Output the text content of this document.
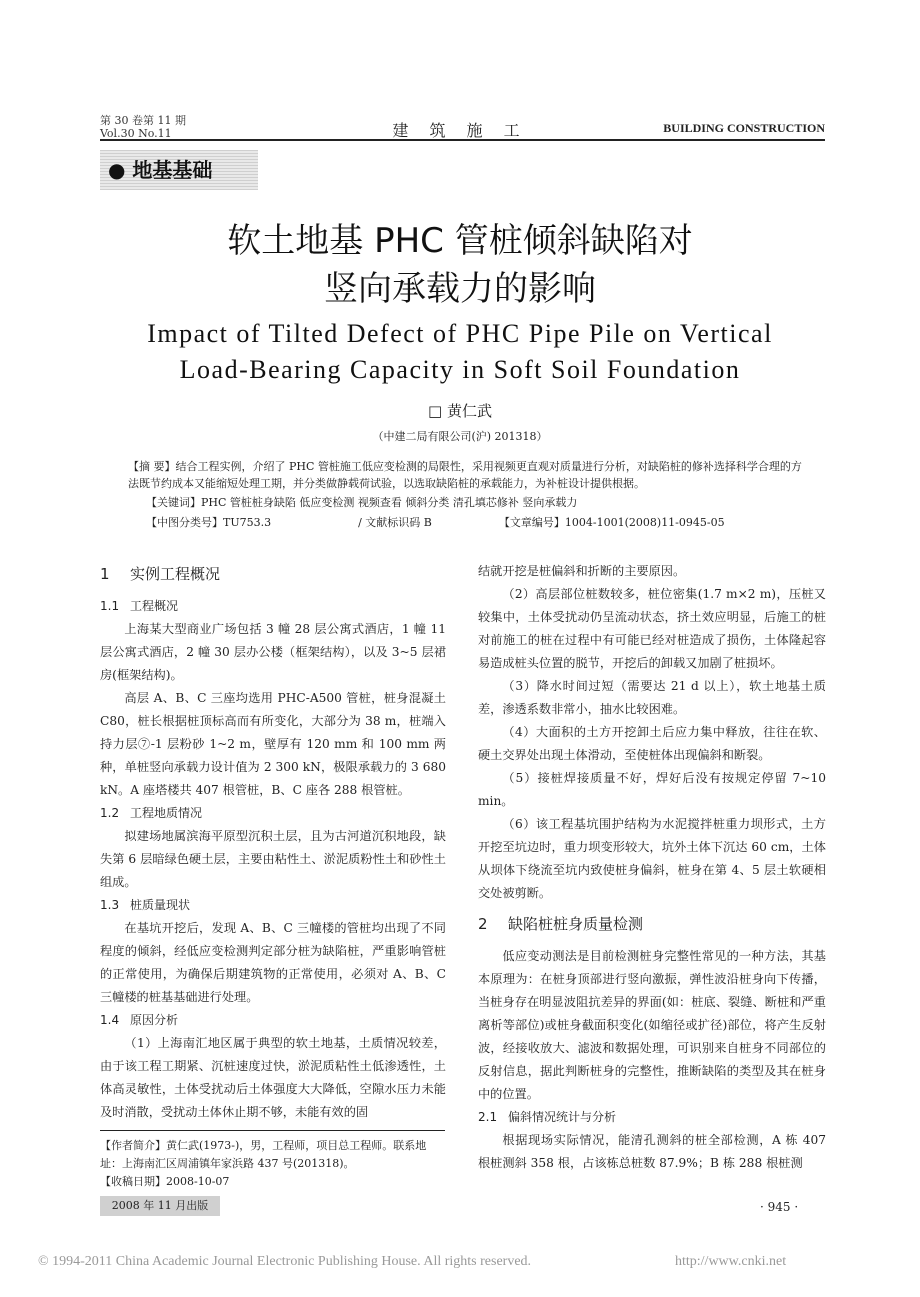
第 30 卷第 11 期
Vol.30 No.11	建 筑 施 工	BUILDING CONSTRUCTION
● 地基基础
软土地基 PHC 管桩倾斜缺陷对
竖向承载力的影响
Impact of Tilted Defect of PHC Pipe Pile on Vertical
Load-Bearing Capacity in Soft Soil Foundation
□ 黄仁武
（中建二局有限公司(沪) 201318）
【摘 要】结合工程实例，介绍了 PHC 管桩施工低应变检测的局限性，采用视频更直观对质量进行分析，对缺陷桩的修补选择科学合理的方法既节约成本又能缩短处理工期，并分类做静载荷试验，以选取缺陷桩的承载能力，为补桩设计提供根据。
【关键词】PHC 管桩桩身缺陷 低应变检测 视频查看 倾斜分类 清孔填芯修补 竖向承载力
【中图分类号】TU753.3	/ 文献标识码 B	【文章编号】1004-1001(2008)11-0945-05
1 实例工程概况
1.1 工程概况

上海某大型商业广场包括 3 幢 28 层公寓式酒店，1 幢 11 层公寓式酒店，2 幢 30 层办公楼（框架结构），以及 3~5 层裙房(框架结构)。

高层 A、B、C 三座均选用 PHC-A500 管桩，桩身混凝土 C80，桩长根据桩顶标高而有所变化，大部分为 38 m，桩端入持力层⑦-1 层粉砂 1~2 m，壁厚有 120 mm 和 100 mm 两种，单桩竖向承载力设计值为 2 300 kN，极限承载力的 3 680 kN。A 座塔楼共 407 根管桩，B、C 座各 288 根管桩。

1.2 工程地质情况

拟建场地属滨海平原型沉积土层，且为古河道沉积地段，缺失第 6 层暗绿色硬土层，主要由粘性土、淤泥质粉性土和砂性土组成。

1.3 桩质量现状

在基坑开挖后，发现 A、B、C 三幢楼的管桩均出现了不同程度的倾斜，经低应变检测判定部分桩为缺陷桩，严重影响管桩的正常使用，为确保后期建筑物的正常使用，必须对 A、B、C 三幢楼的桩基基础进行处理。

1.4 原因分析

（1）上海南汇地区属于典型的软土地基，土质情况较差，由于该工程工期紧、沉桩速度过快，淤泥质粘性土低渗透性，土体高灵敏性，土体受扰动后土体强度大大降低，空隙水压力未能及时消散，受扰动土体休止期不够，未能有效的固

结就开挖是桩偏斜和折断的主要原因。

（2）高层部位桩数较多，桩位密集(1.7 m×2 m)，压桩又较集中，土体受扰动仍呈流动状态，挤土效应明显，后施工的桩对前施工的桩在过程中有可能已经对桩造成了损伤，土体隆起容易造成桩头位置的脱节，开挖后的卸载又加剧了桩损坏。

（3）降水时间过短（需要达 21 d 以上），软土地基土质差，渗透系数非常小，抽水比较困难。

（4）大面积的土方开挖卸土后应力集中释放，往往在软、硬土交界处出现土体滑动，至使桩体出现偏斜和断裂。

（5）接桩焊接质量不好，焊好后没有按规定停留 7~10 min。

（6）该工程基坑围护结构为水泥搅拌桩重力坝形式，土方开挖至坑边时，重力坝变形较大，坑外土体下沉达 60 cm，土体从坝体下绕流至坑内致使桩身偏斜，桩身在第 4、5 层土软硬相交处被剪断。

2 缺陷桩桩身质量检测

低应变动测法是目前检测桩身完整性常见的一种方法，其基本原理为：在桩身顶部进行竖向激振，弹性波沿桩身向下传播，当桩身存在明显波阻抗差异的界面(如：桩底、裂缝、断桩和严重离析等部位)或桩身截面积变化(如缩径或扩径)部位，将产生反射波，经接收放大、滤波和数据处理，可识别来自桩身不同部位的反射信息，据此判断桩身的完整性，推断缺陷的类型及其在桩身中的位置。

2.1 偏斜情况统计与分析

根据现场实际情况，能清孔测斜的桩全部检测，A 栋 407 根桩测斜 358 根，占该栋总桩数 87.9%；B 栋 288 根桩测

【作者简介】黄仁武(1973-)，男，工程师，项目总工程师。联系地址：上海南汇区周浦镇年家浜路 437 号(201318)。
【收稿日期】2008-10-07
2008 年 11 月出版	· 945 ·
© 1994-2011 China Academic Journal Electronic Publishing House. All rights reserved.	http://www.cnki.net
